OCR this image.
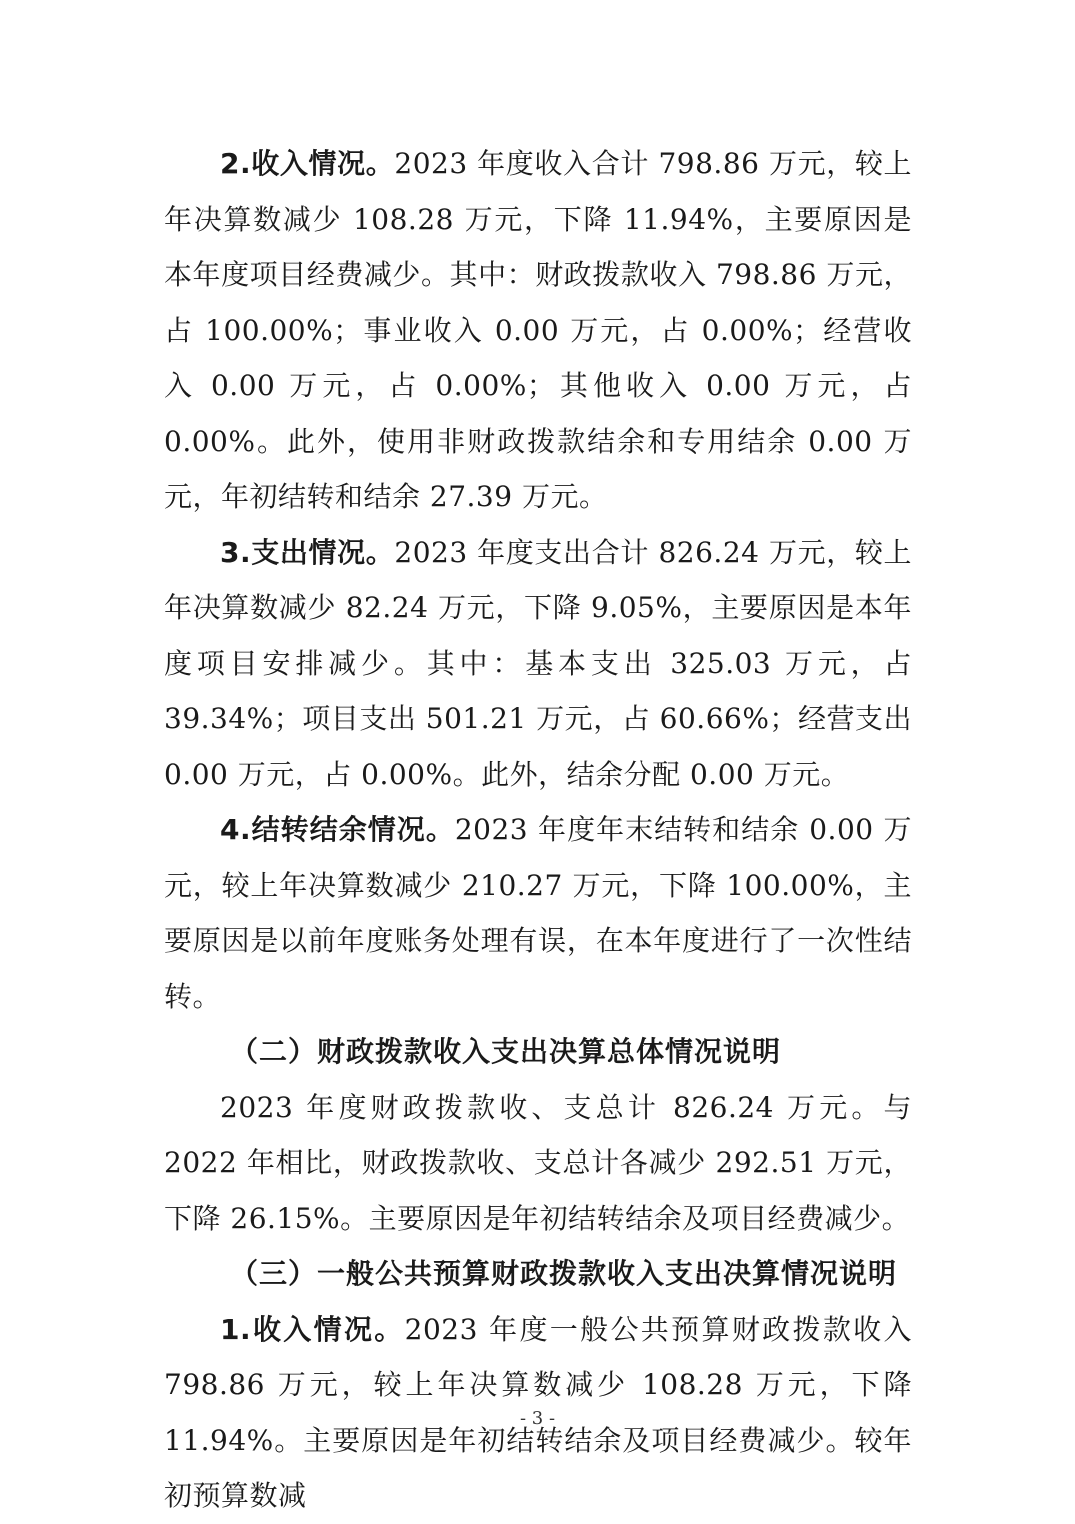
2.收入情况。2023 年度收入合计 798.86 万元，较上年决算数减少 108.28 万元，下降 11.94%，主要原因是本年度项目经费减少。其中：财政拨款收入 798.86 万元，占 100.00%；事业收入 0.00 万元，占 0.00%；经营收入 0.00 万元，占 0.00%；其他收入 0.00 万元，占 0.00%。此外，使用非财政拨款结余和专用结余 0.00 万元，年初结转和结余 27.39 万元。

3.支出情况。2023 年度支出合计 826.24 万元，较上年决算数减少 82.24 万元，下降 9.05%，主要原因是本年度项目安排减少。其中：基本支出 325.03 万元，占 39.34%；项目支出 501.21 万元，占 60.66%；经营支出 0.00 万元，占 0.00%。此外，结余分配 0.00 万元。

4.结转结余情况。2023 年度年末结转和结余 0.00 万元，较上年决算数减少 210.27 万元，下降 100.00%，主要原因是以前年度账务处理有误，在本年度进行了一次性结转。

（二）财政拨款收入支出决算总体情况说明

2023 年度财政拨款收、支总计 826.24 万元。与 2022 年相比，财政拨款收、支总计各减少 292.51 万元，下降 26.15%。主要原因是年初结转结余及项目经费减少。

（三）一般公共预算财政拨款收入支出决算情况说明

1.收入情况。2023 年度一般公共预算财政拨款收入 798.86 万元，较上年决算数减少 108.28 万元，下降 11.94%。主要原因是年初结转结余及项目经费减少。较年初预算数减

- 3 -
